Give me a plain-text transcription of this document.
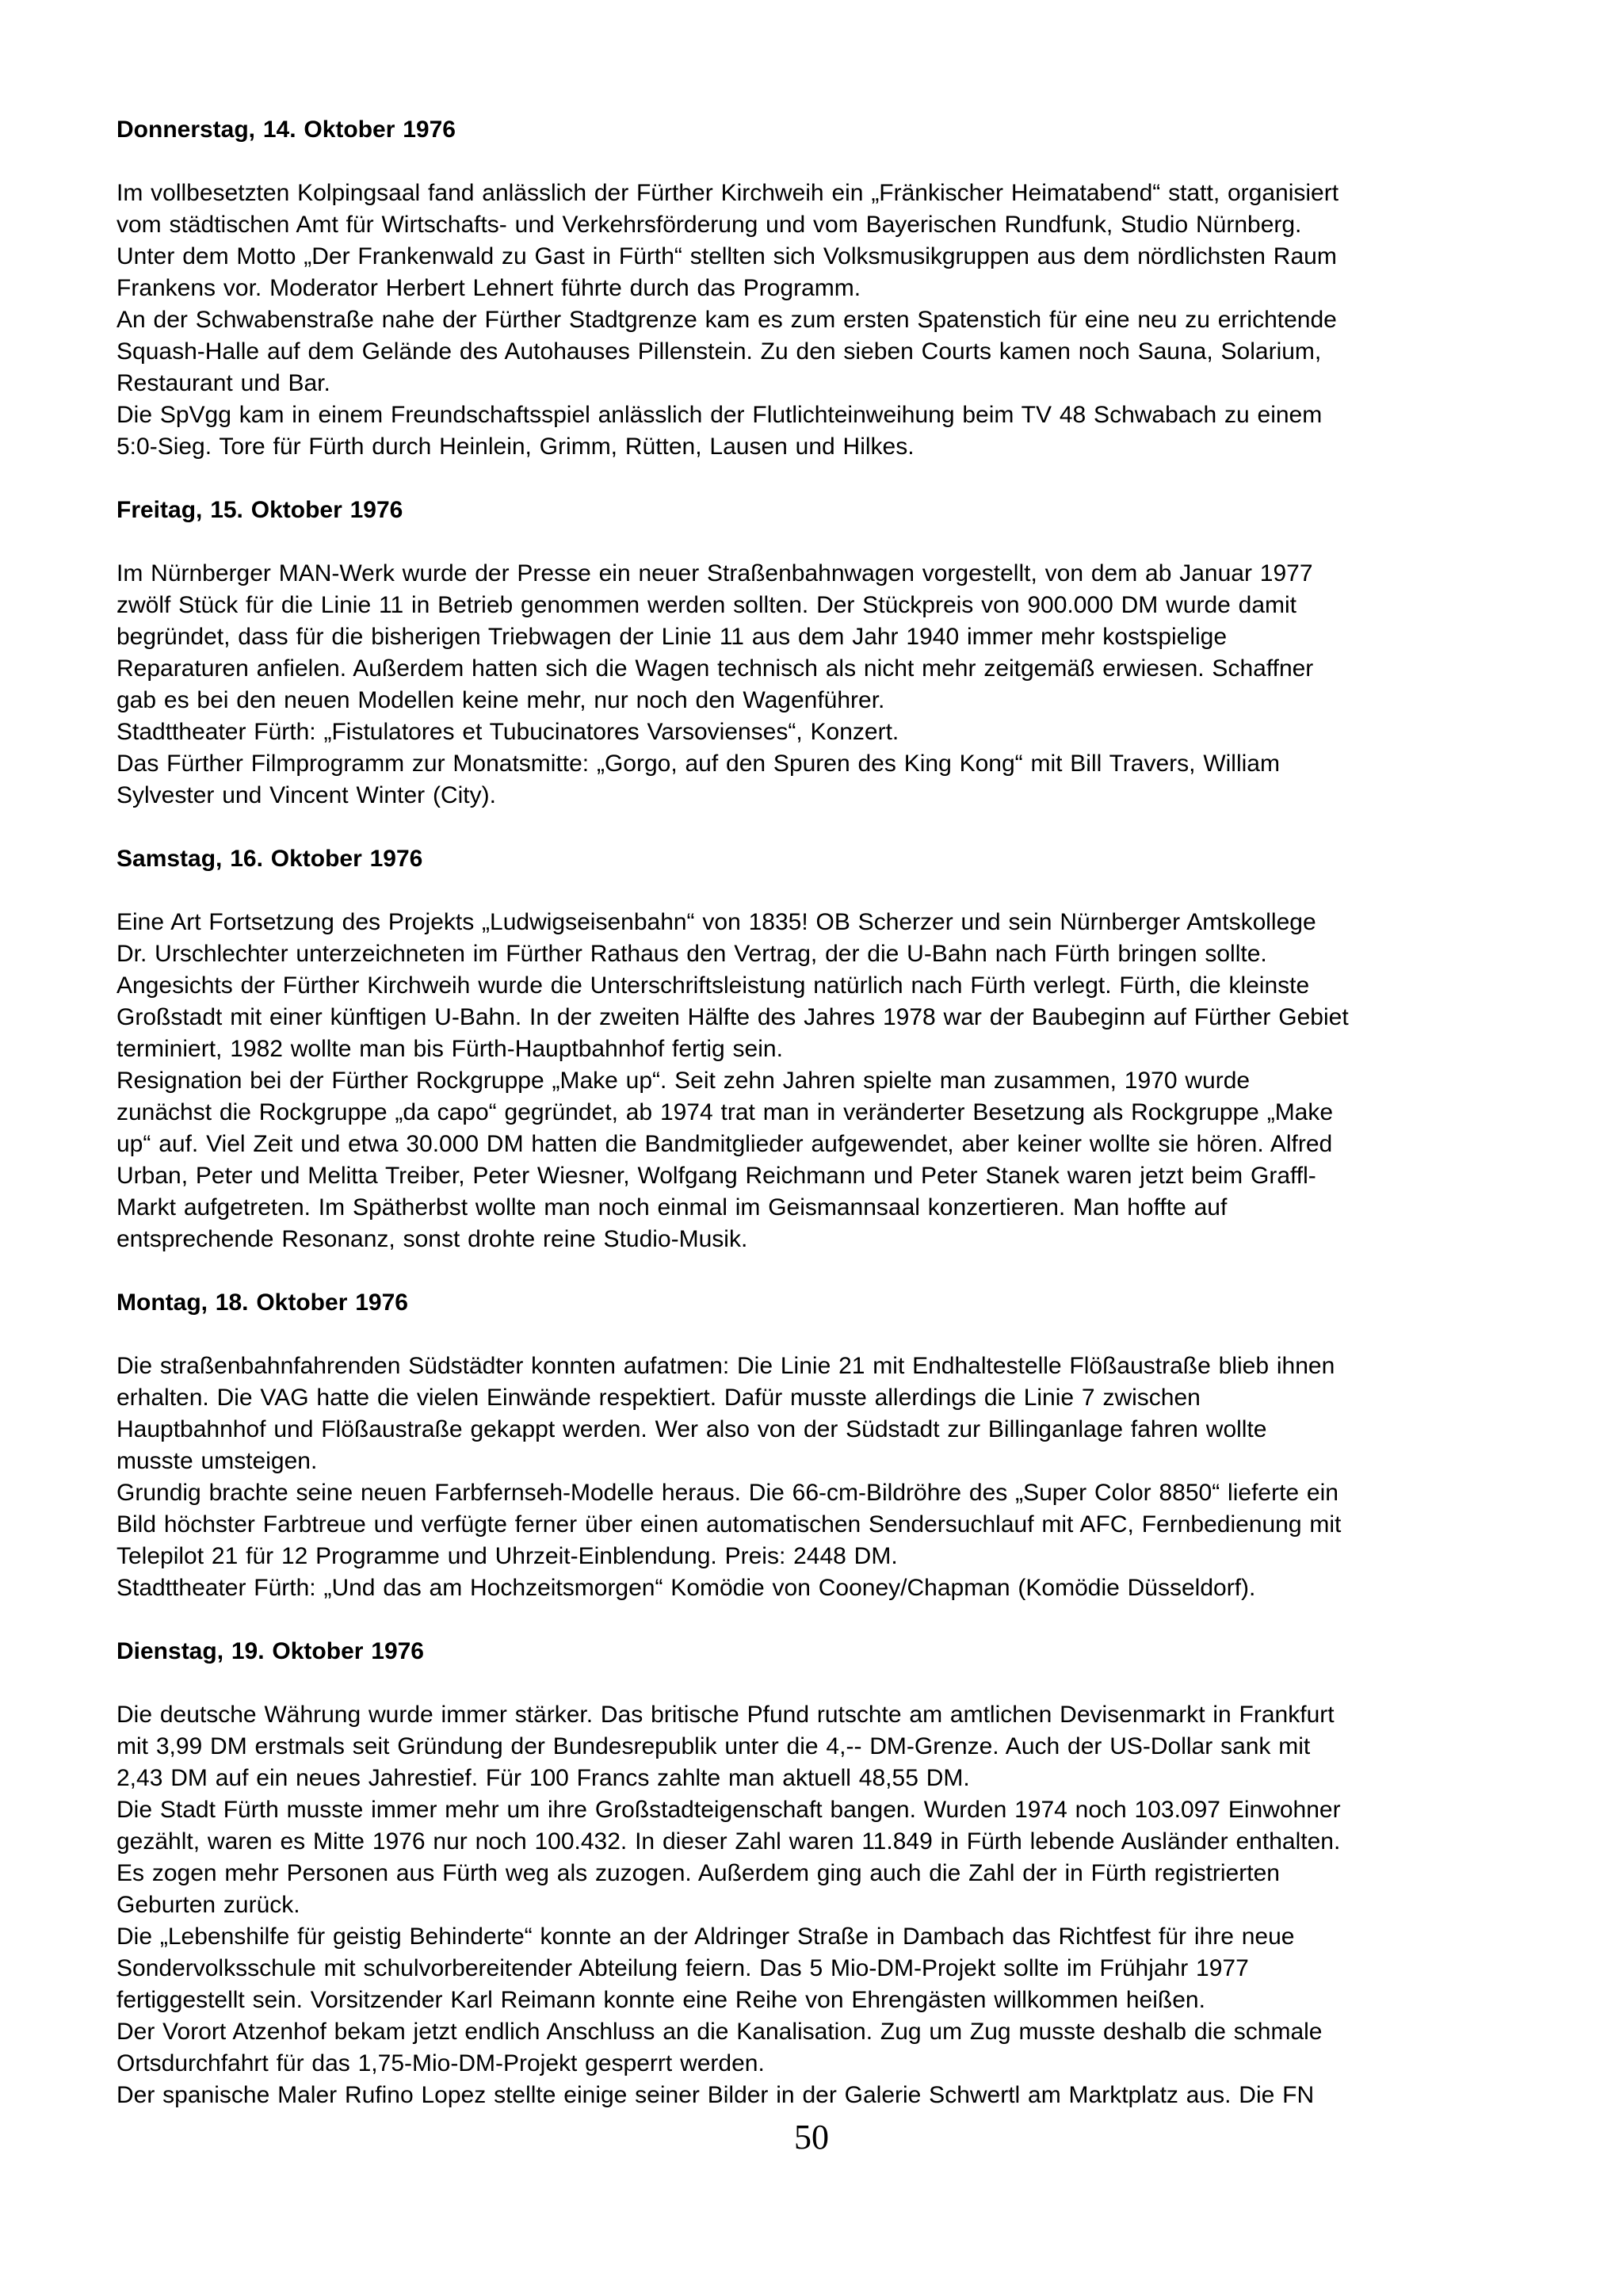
Donnerstag, 14. Oktober 1976
Im vollbesetzten Kolpingsaal fand anlässlich der Fürther Kirchweih ein „Fränkischer Heimatabend“ statt, organisiert
vom städtischen Amt für Wirtschafts- und Verkehrsförderung und vom Bayerischen Rundfunk, Studio Nürnberg.
Unter dem Motto „Der Frankenwald zu Gast in Fürth“ stellten sich Volksmusikgruppen aus dem nördlichsten Raum
Frankens vor. Moderator Herbert Lehnert führte durch das Programm.
An der Schwabenstraße nahe der Fürther Stadtgrenze kam es zum ersten Spatenstich für eine neu zu errichtende
Squash-Halle auf dem Gelände des Autohauses Pillenstein. Zu den sieben Courts kamen noch Sauna, Solarium,
Restaurant und Bar.
Die SpVgg kam in einem Freundschaftsspiel anlässlich der Flutlichteinweihung beim TV 48 Schwabach zu einem
5:0-Sieg. Tore für Fürth durch Heinlein, Grimm, Rütten, Lausen und Hilkes.
Freitag, 15. Oktober 1976
Im Nürnberger MAN-Werk wurde der Presse ein neuer Straßenbahnwagen vorgestellt, von dem ab Januar 1977
zwölf Stück für die Linie 11 in Betrieb genommen werden sollten. Der Stückpreis von 900.000 DM wurde damit
begründet, dass für die bisherigen Triebwagen der Linie 11 aus dem Jahr 1940 immer mehr kostspielige
Reparaturen anfielen. Außerdem hatten sich die Wagen technisch als nicht mehr zeitgemäß erwiesen. Schaffner
gab es bei den neuen Modellen keine mehr, nur noch den Wagenführer.
Stadttheater Fürth: „Fistulatores et Tubucinatores Varsovienses“, Konzert.
Das Fürther Filmprogramm zur Monatsmitte: „Gorgo, auf den Spuren des King Kong“ mit Bill Travers, William
Sylvester und Vincent Winter (City).
Samstag, 16. Oktober 1976
Eine Art Fortsetzung des Projekts „Ludwigseisenbahn“ von 1835! OB Scherzer und sein Nürnberger Amtskollege
Dr. Urschlechter unterzeichneten im Fürther Rathaus den Vertrag, der die U-Bahn nach Fürth bringen sollte.
Angesichts der Fürther Kirchweih wurde die Unterschriftsleistung natürlich nach Fürth verlegt. Fürth, die kleinste
Großstadt mit einer künftigen U-Bahn. In der zweiten Hälfte des Jahres 1978 war der Baubeginn auf Fürther Gebiet
terminiert, 1982 wollte man bis Fürth-Hauptbahnhof fertig sein.
Resignation bei der Fürther Rockgruppe „Make up“. Seit zehn Jahren spielte man zusammen, 1970 wurde
zunächst die Rockgruppe „da capo“ gegründet, ab 1974 trat man in veränderter Besetzung als Rockgruppe „Make
up“ auf. Viel Zeit und etwa 30.000 DM hatten die Bandmitglieder aufgewendet, aber keiner wollte sie hören. Alfred
Urban, Peter und Melitta Treiber, Peter Wiesner, Wolfgang Reichmann und Peter Stanek waren jetzt beim Graffl-
Markt aufgetreten. Im Spätherbst wollte man noch einmal im Geismannsaal konzertieren. Man hoffte auf
entsprechende Resonanz, sonst drohte reine Studio-Musik.
Montag, 18. Oktober 1976
Die straßenbahnfahrenden Südstädter konnten aufatmen: Die Linie 21 mit Endhaltestelle Flößaustraße blieb ihnen
erhalten. Die VAG hatte die vielen Einwände respektiert. Dafür musste allerdings die Linie 7 zwischen
Hauptbahnhof und Flößaustraße gekappt werden. Wer also von der Südstadt zur Billinganlage fahren wollte
musste umsteigen.
Grundig brachte seine neuen Farbfernseh-Modelle heraus. Die 66-cm-Bildröhre des „Super Color 8850“ lieferte ein
Bild höchster Farbtreue und verfügte ferner über einen automatischen Sendersuchlauf mit AFC, Fernbedienung mit
Telepilot 21 für 12 Programme und Uhrzeit-Einblendung. Preis: 2448 DM.
Stadttheater Fürth: „Und das am Hochzeitsmorgen“ Komödie von Cooney/Chapman (Komödie Düsseldorf).
Dienstag, 19. Oktober 1976
Die deutsche Währung wurde immer stärker. Das britische Pfund rutschte am amtlichen Devisenmarkt in Frankfurt
mit 3,99 DM erstmals seit Gründung der Bundesrepublik unter die 4,-- DM-Grenze. Auch der US-Dollar sank mit
2,43 DM auf ein neues Jahrestief. Für 100 Francs zahlte man aktuell 48,55 DM.
Die Stadt Fürth musste immer mehr um ihre Großstadteigenschaft bangen. Wurden 1974 noch 103.097 Einwohner
gezählt, waren es Mitte 1976 nur noch 100.432. In dieser Zahl waren 11.849 in Fürth lebende Ausländer enthalten.
Es zogen mehr Personen aus Fürth weg als zuzogen. Außerdem ging auch die Zahl der in Fürth registrierten
Geburten zurück.
Die „Lebenshilfe für geistig Behinderte“ konnte an der Aldringer Straße in Dambach das Richtfest für ihre neue
Sondervolksschule mit schulvorbereitender Abteilung feiern. Das 5 Mio-DM-Projekt sollte im Frühjahr 1977
fertiggestellt sein. Vorsitzender Karl Reimann konnte eine Reihe von Ehrengästen willkommen heißen.
Der Vorort Atzenhof bekam jetzt endlich Anschluss an die Kanalisation. Zug um Zug musste deshalb die schmale
Ortsdurchfahrt für das 1,75-Mio-DM-Projekt gesperrt werden.
Der spanische Maler Rufino Lopez stellte einige seiner Bilder in der Galerie Schwertl am Marktplatz aus. Die FN
50
